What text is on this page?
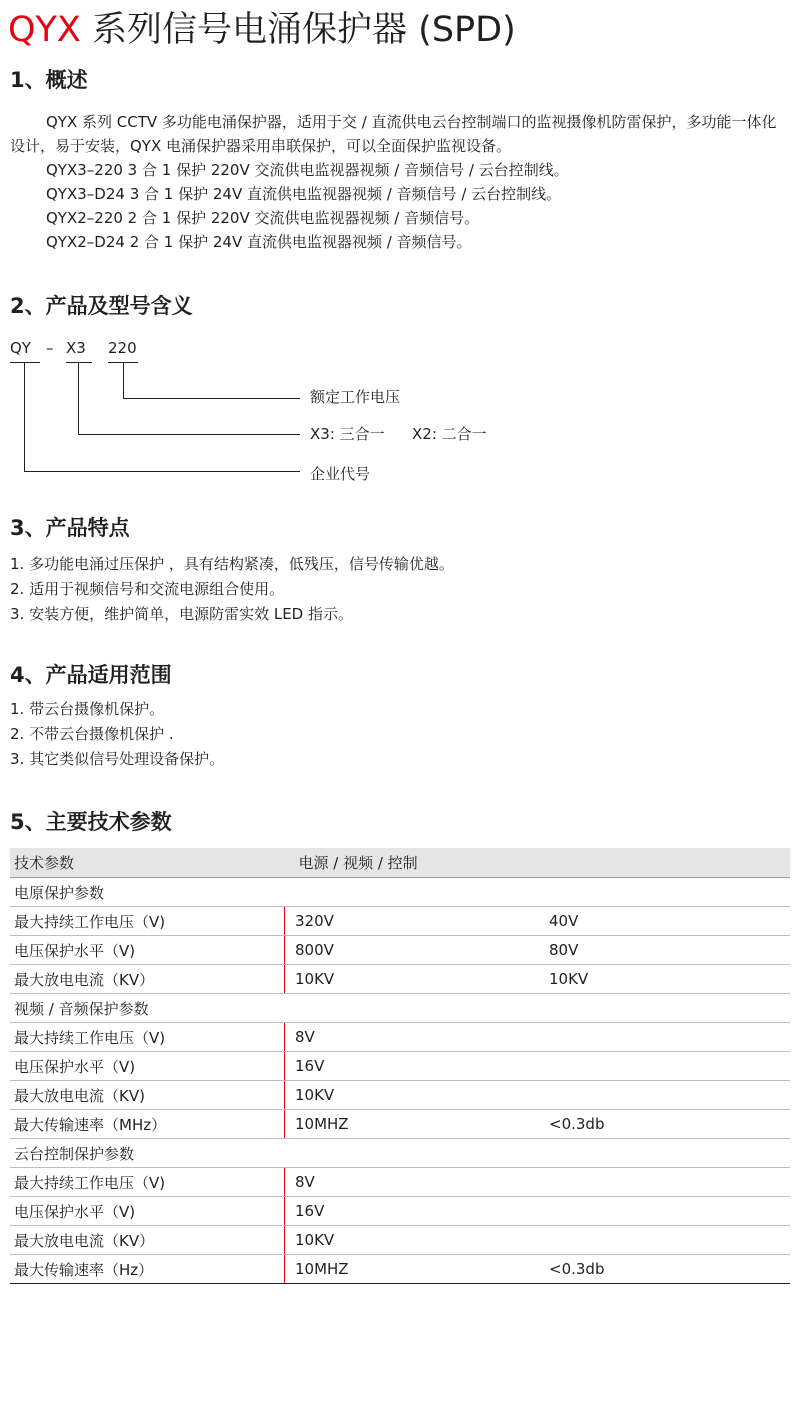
QYX 系列信号电涌保护器 (SPD)
1、概述
QYX 系列 CCTV 多功能电涌保护器，适用于交 / 直流供电云台控制端口的监视摄像机防雷保护，多功能一体化设计，易于安装，QYX 电涌保护器采用串联保护，可以全面保护监视设备。
QYX3–220 3 合 1 保护 220V 交流供电监视器视频 / 音频信号 / 云台控制线。
QYX3–D24 3 合 1 保护 24V 直流供电监视器视频 / 音频信号 / 云台控制线。
QYX2–220 2 合 1 保护 220V 交流供电监视器视频 / 音频信号。
QYX2–D24 2 合 1 保护 24V 直流供电监视器视频 / 音频信号。
2、产品及型号含义
QY – X3 220
额定工作电压
X3: 三合一 X2: 二合一
企业代号
3、产品特点
1. 多功能电涌过压保护 ，具有结构紧凑，低残压，信号传输优越。
2. 适用于视频信号和交流电源组合使用。
3. 安装方便，维护简单，电源防雷实效 LED 指示。
4、产品适用范围
1. 带云台摄像机保护。
2. 不带云台摄像机保护 .
3. 其它类似信号处理设备保护。
5、主要技术参数
技术参数	电源 / 视频 / 控制	
电原保护参数		
最大持续工作电压（V)	320V	40V
电压保护水平（V)	800V	80V
最大放电电流（KV）	10KV	10KV
视频 / 音频保护参数		
最大持续工作电压（V)	8V	
电压保护水平（V)	16V	
最大放电电流（KV)	10KV	
最大传输速率（MHz）	10MHZ	<0.3db
云台控制保护参数		
最大持续工作电压（V)	8V	
电压保护水平（V)	16V	
最大放电电流（KV）	10KV	
最大传输速率（Hz）	10MHZ	<0.3db
